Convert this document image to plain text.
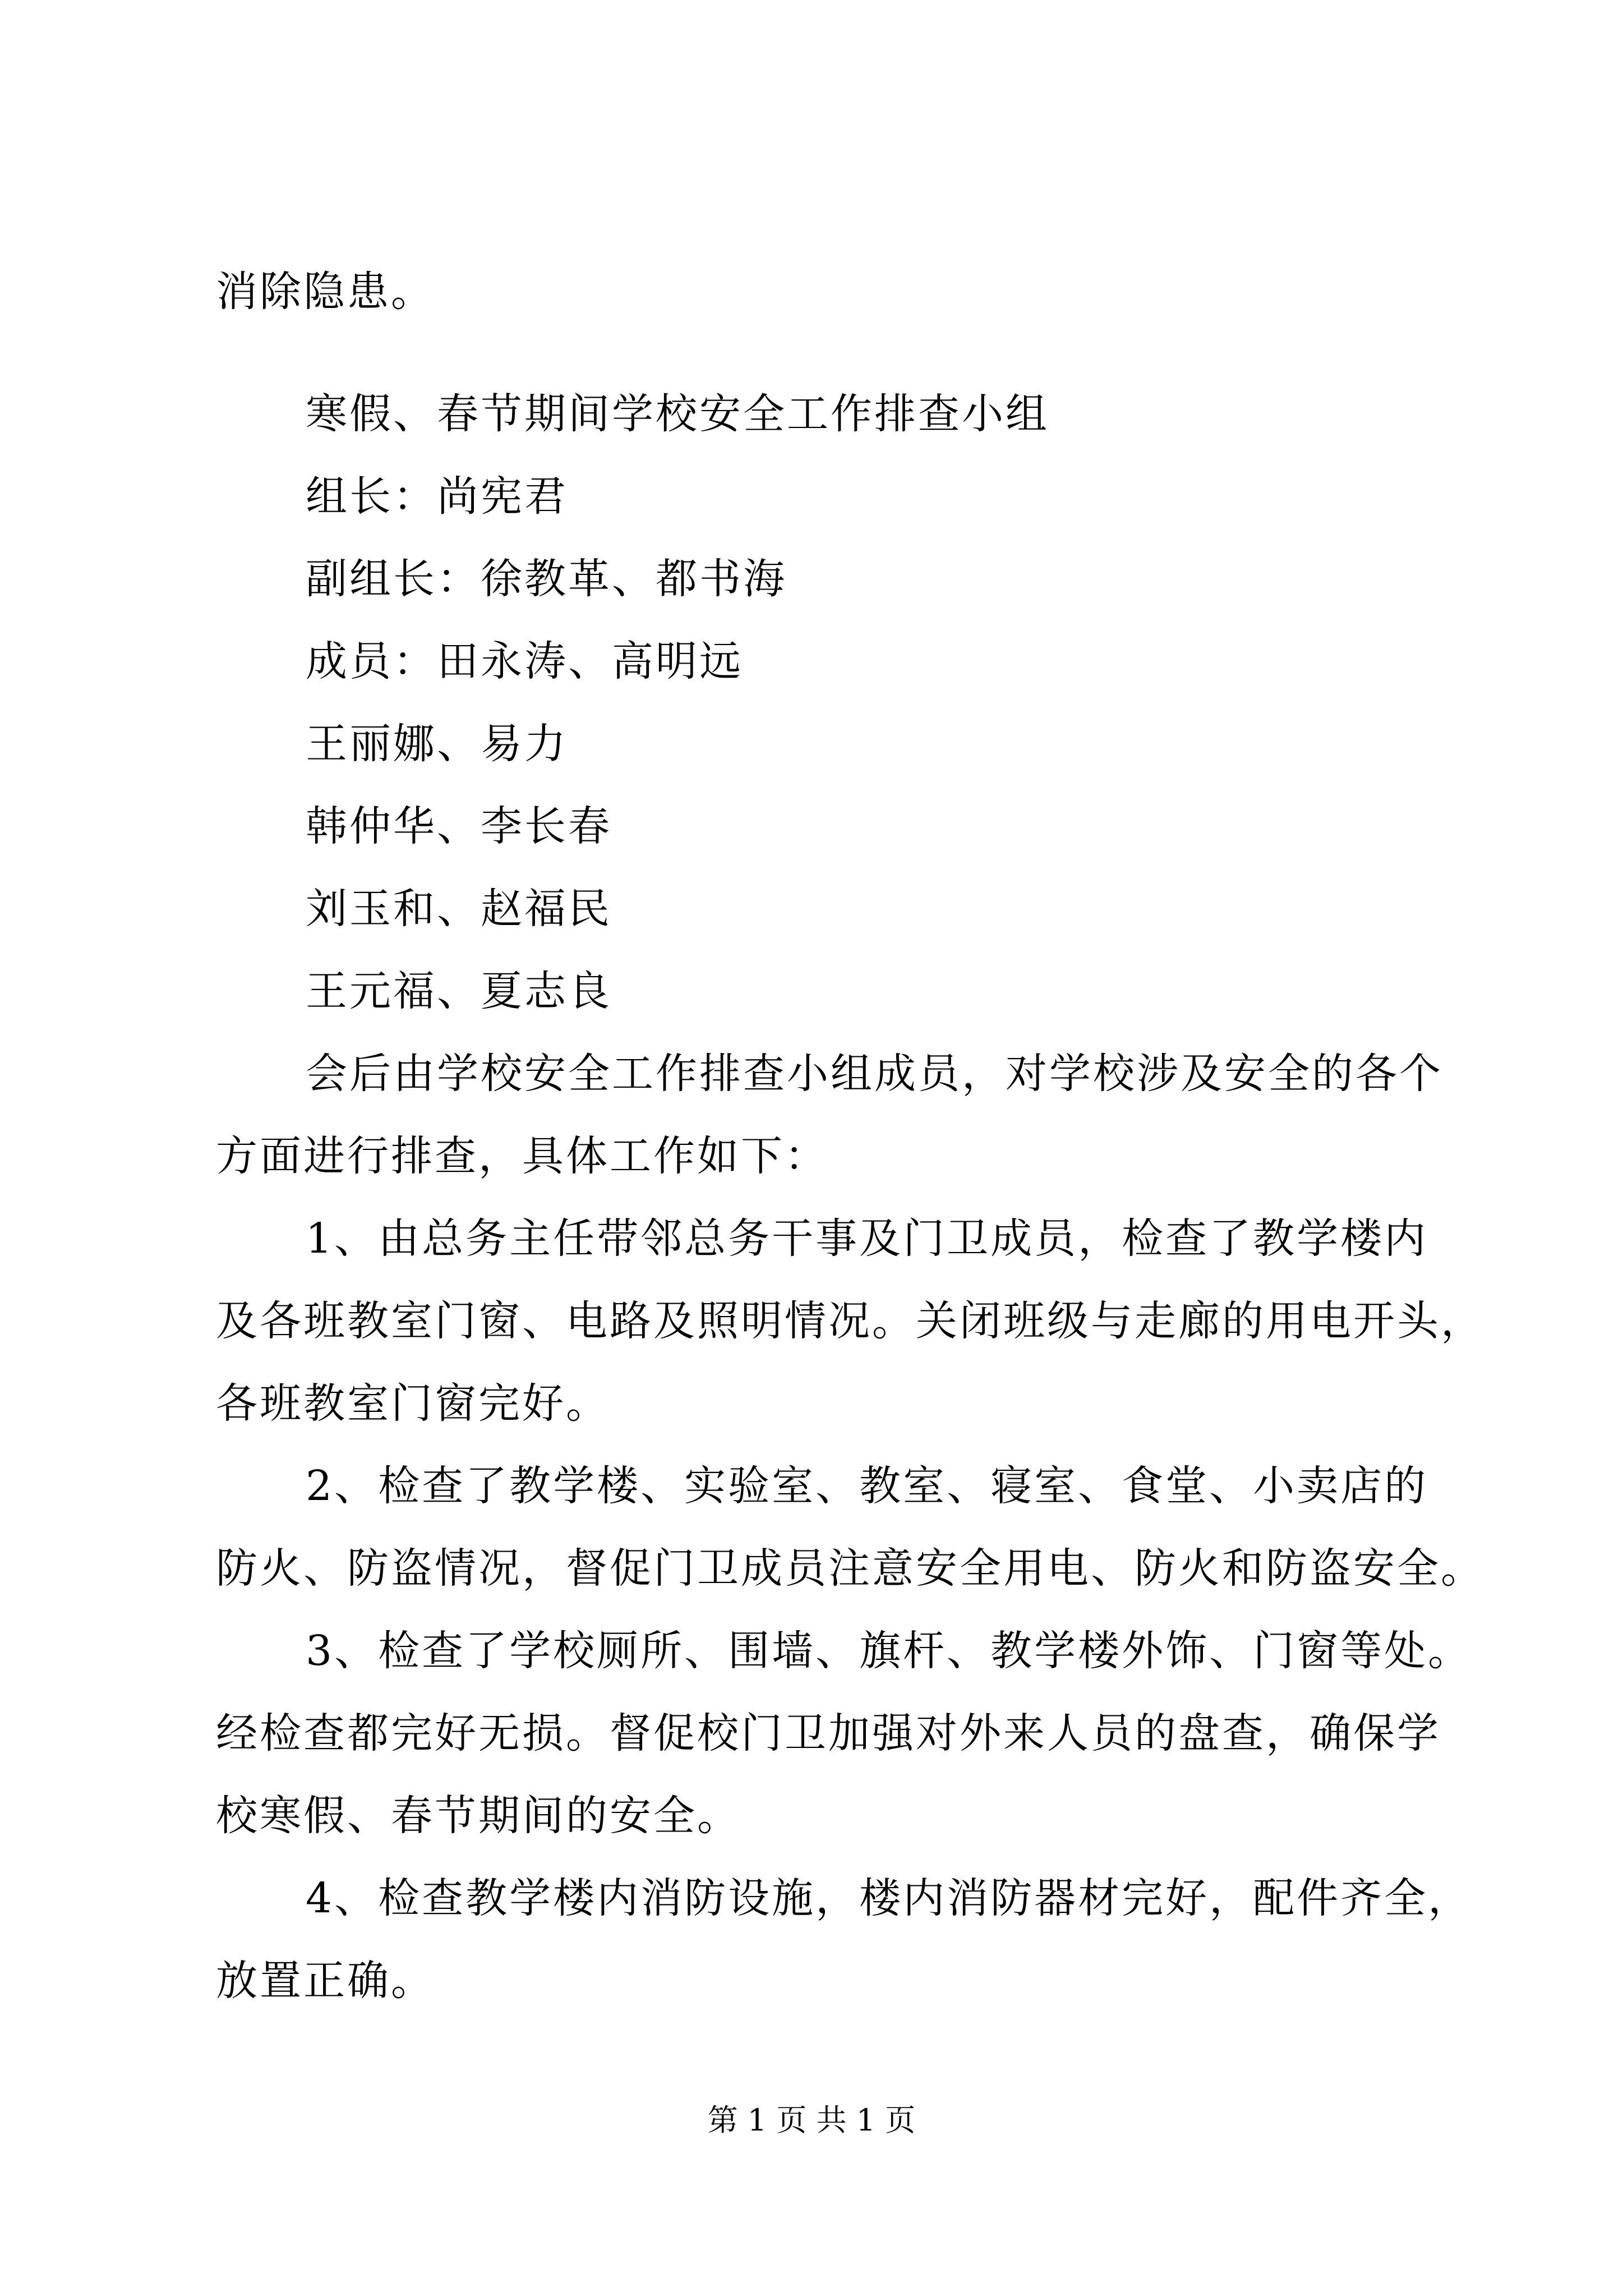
消除隐患。
寒假、春节期间学校安全工作排查小组
组长：尚宪君
副组长：徐教革、都书海
成员：田永涛、高明远
王丽娜、易力
韩仲华、李长春
刘玉和、赵福民
王元福、夏志良
会后由学校安全工作排查小组成员，对学校涉及安全的各个
方面进行排查，具体工作如下：
1、由总务主任带邻总务干事及门卫成员，检查了教学楼内
及各班教室门窗、电路及照明情况。关闭班级与走廊的用电开头，
各班教室门窗完好。
2、检查了教学楼、实验室、教室、寝室、食堂、小卖店的
防火、防盗情况，督促门卫成员注意安全用电、防火和防盗安全。
3、检查了学校厕所、围墙、旗杆、教学楼外饰、门窗等处。
经检查都完好无损。督促校门卫加强对外来人员的盘查，确保学
校寒假、春节期间的安全。
4、检查教学楼内消防设施，楼内消防器材完好，配件齐全，
放置正确。
第 1 页 共 1 页
